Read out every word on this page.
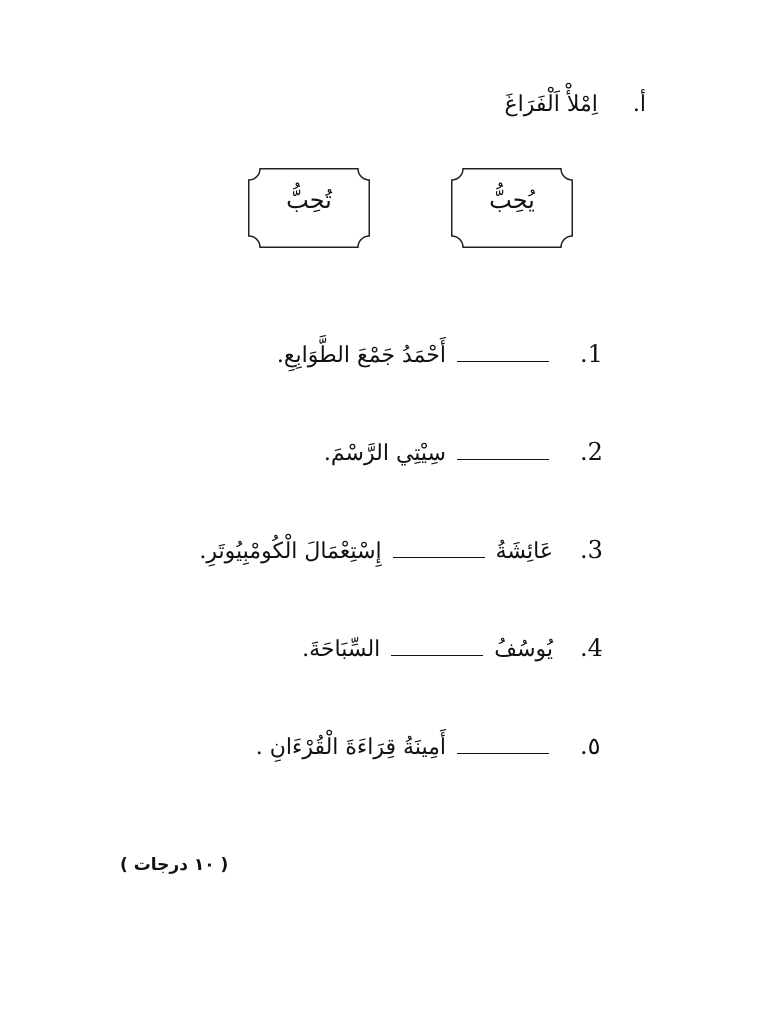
أ. اِمْلأْ اَلْفَرَاغَ
يُحِبُّ
تُحِبُّ
1.  أَحْمَدُ جَمْعَ الطَّوَابِعِ.
2.  سِيْتِي الرَّسْمَ.
3. عَائِشَةُ  إِسْتِعْمَالَ الْكُومْبِيُوتَرِ.
4. يُوسُفُ  السِّبَاحَةَ.
٥.  أَمِينَةُ قِرَاءَةَ الْقُرْءَانِ .
( ١٠ درجات )
